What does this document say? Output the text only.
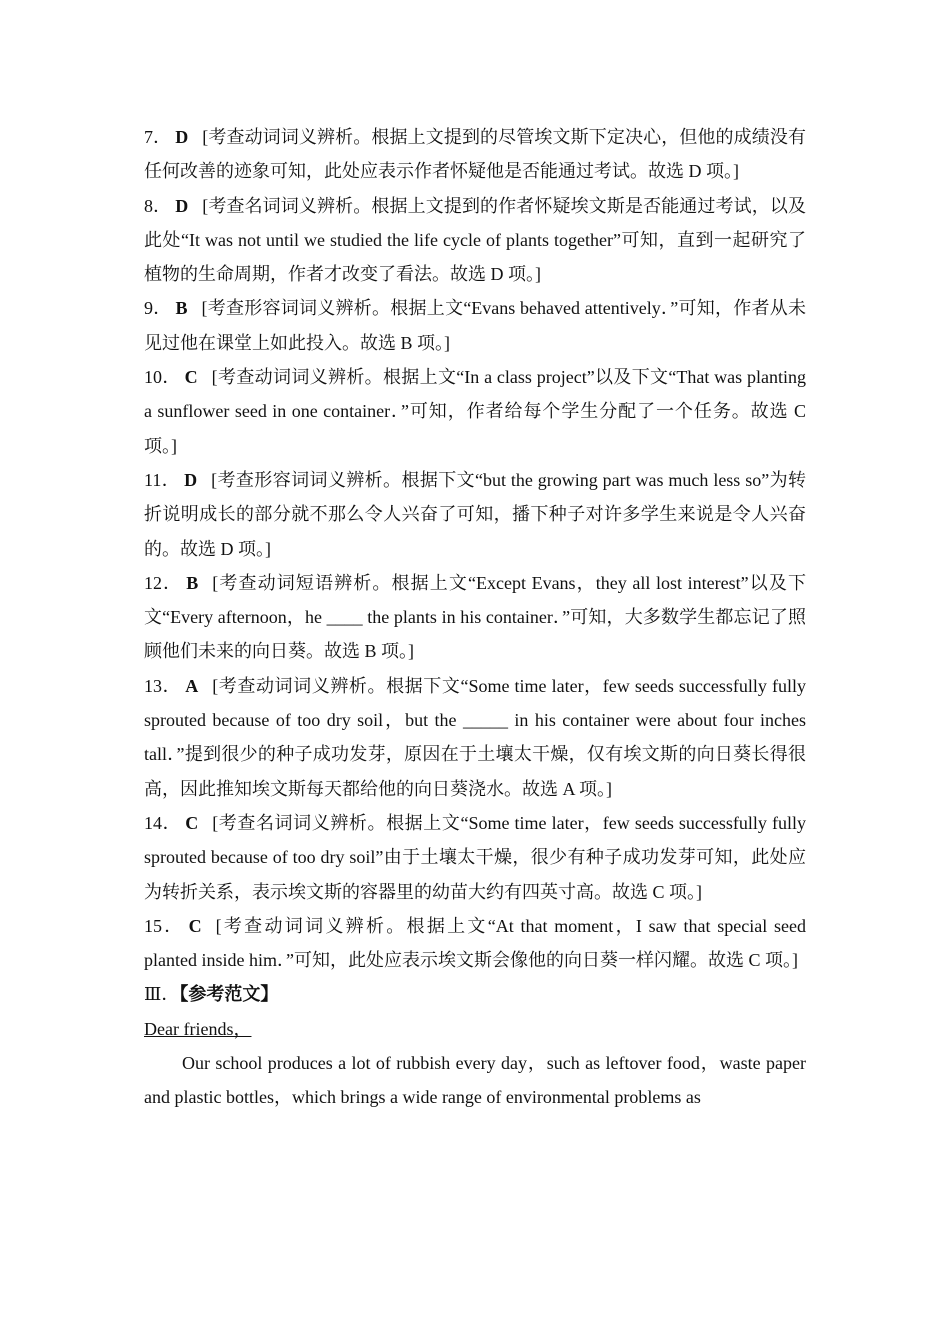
7． D [考查动词词义辨析。根据上文提到的尽管埃文斯下定决心，但他的成绩没有任何改善的迹象可知，此处应表示作者怀疑他是否能通过考试。故选 D 项。]

8． D [考查名词词义辨析。根据上文提到的作者怀疑埃文斯是否能通过考试，以及此处“It was not until we studied the life cycle of plants together”可知，直到一起研究了植物的生命周期，作者才改变了看法。故选 D 项。]

9． B [考查形容词词义辨析。根据上文“Evans behaved attentively．”可知，作者从未见过他在课堂上如此投入。故选 B 项。]

10． C [考查动词词义辨析。根据上文“In a class project”以及下文“That was planting a sunflower seed in one container．”可知，作者给每个学生分配了一个任务。故选 C 项。]

11． D [考查形容词词义辨析。根据下文“but the growing part was much less so”为转折说明成长的部分就不那么令人兴奋了可知，播下种子对许多学生来说是令人兴奋的。故选 D 项。]

12． B [考查动词短语辨析。根据上文“Except Evans，they all lost interest”以及下文“Every afternoon，he ____ the plants in his container．”可知，大多数学生都忘记了照顾他们未来的向日葵。故选 B 项。]

13． A [考查动词词义辨析。根据下文“Some time later，few seeds successfully fully sprouted because of too dry soil，but the _____ in his container were about four inches tall．”提到很少的种子成功发芽，原因在于土壤太干燥，仅有埃文斯的向日葵长得很高，因此推知埃文斯每天都给他的向日葵浇水。故选 A 项。]

14． C [考查名词词义辨析。根据上文“Some time later，few seeds successfully fully sprouted because of too dry soil”由于土壤太干燥，很少有种子成功发芽可知，此处应为转折关系，表示埃文斯的容器里的幼苗大约有四英寸高。故选 C 项。]

15． C [考查动词词义辨析。根据上文“At that moment，I saw that special seed planted inside him．”可知，此处应表示埃文斯会像他的向日葵一样闪耀。故选 C 项。]

Ⅲ．【参考范文】

Dear friends，

Our school produces a lot of rubbish every day，such as leftover food，waste paper and plastic bottles，which brings a wide range of environmental problems as
